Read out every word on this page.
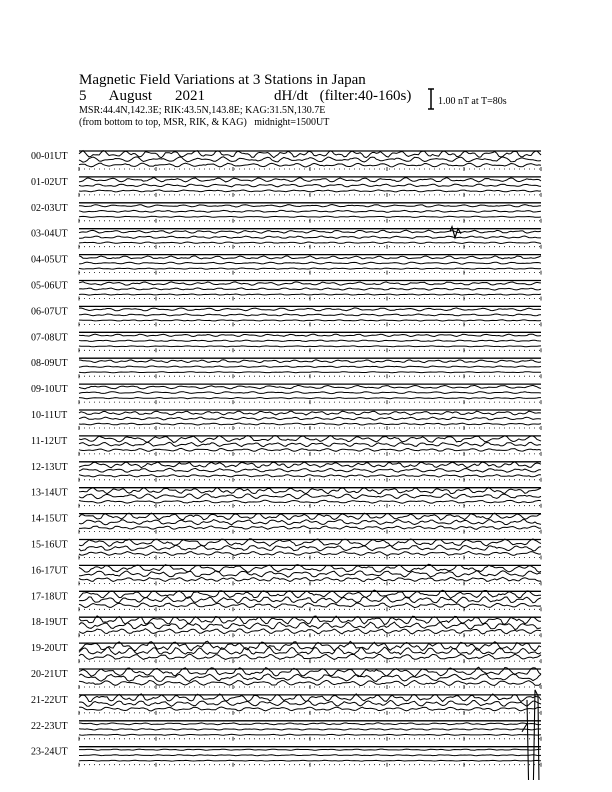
Magnetic Field Variations at 3 Stations in Japan
5    August    2021            dH/dt  (filter:40-160s)
MSR:44.4N,142.3E; RIK:43.5N,143.8E; KAG:31.5N,130.7E
(from bottom to top, MSR, RIK, & KAG)   midnight=1500UT
1.00 nT at T=80s
00-01UT
01-02UT
02-03UT
03-04UT
04-05UT
05-06UT
06-07UT
07-08UT
08-09UT
09-10UT
10-11UT
11-12UT
12-13UT
13-14UT
14-15UT
15-16UT
16-17UT
17-18UT
18-19UT
19-20UT
20-21UT
21-22UT
22-23UT
23-24UT
